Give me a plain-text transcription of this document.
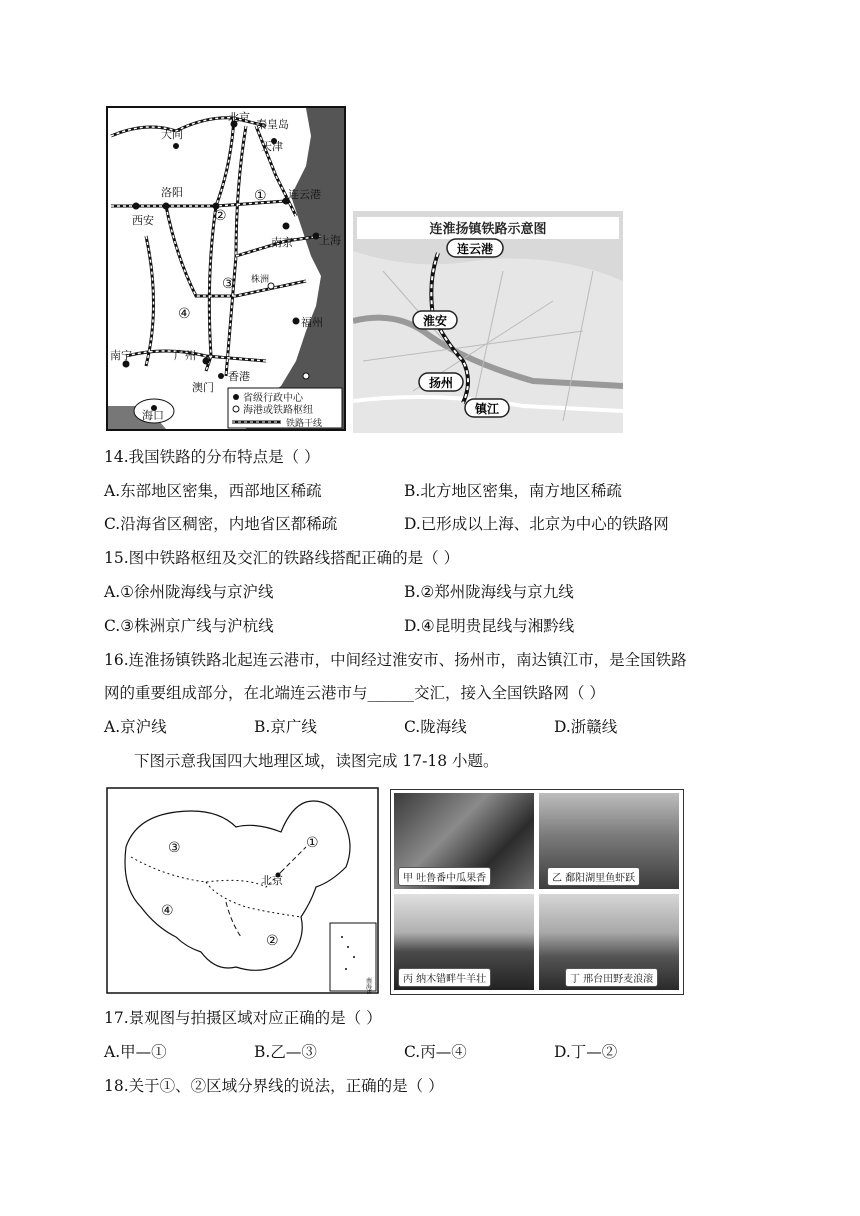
北京
秦皇岛
天津
大同
洛阳	连云港
西安
南京 上海
株洲
福州
南宁	广州
香港
澳门
海口
①
②
③
④
省级行政中心
海港或铁路枢纽
铁路干线
连淮扬镇铁路示意图
连云港
淮安
扬州
镇江
14.我国铁路的分布特点是（ ）
A.东部地区密集，西部地区稀疏	B.北方地区密集，南方地区稀疏
C.沿海省区稠密，内地省区都稀疏	D.已形成以上海、北京为中心的铁路网
15.图中铁路枢纽及交汇的铁路线搭配正确的是（ ）
A.①徐州陇海线与京沪线	B.②郑州陇海线与京九线
C.③株洲京广线与沪杭线	D.④昆明贵昆线与湘黔线
16.连淮扬镇铁路北起连云港市，中间经过淮安市、扬州市，南达镇江市，是全国铁路
网的重要组成部分，在北端连云港市与______交汇，接入全国铁路网（ ）
A.京沪线	B.京广线	C.陇海线	D.浙赣线
下图示意我国四大地理区域，读图完成 17-18 小题。
③	①
④
②
北京
南海诸岛
甲 吐鲁番中瓜果香	乙 鄱阳湖里鱼虾跃
丙 纳木错畔牛羊壮	丁 邢台田野麦浪滚
17.景观图与拍摄区域对应正确的是（ ）
A.甲—①	B.乙—③	C.丙—④	D.丁—②
18.关于①、②区域分界线的说法，正确的是（ ）
